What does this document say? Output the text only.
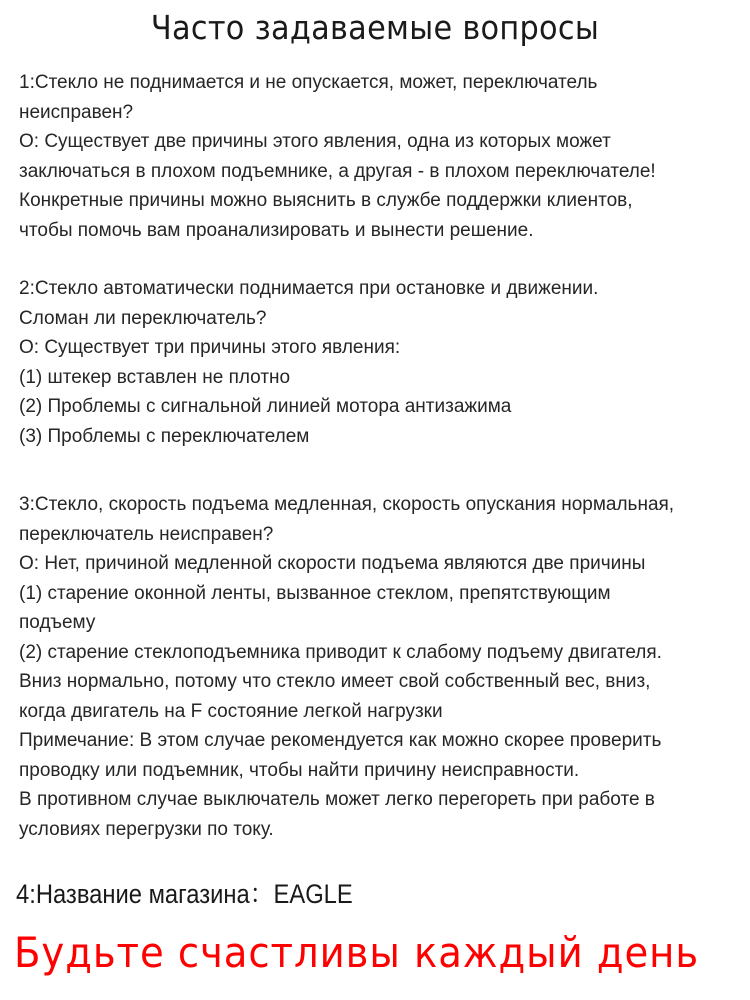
Часто задаваемые вопросы
1:Стекло не поднимается и не опускается, может, переключатель
неисправен?
О: Существует две причины этого явления, одна из которых может
заключаться в плохом подъемнике, а другая - в плохом переключателе!
Конкретные причины можно выяснить в службе поддержки клиентов,
чтобы помочь вам проанализировать и вынести решение.
2:Стекло автоматически поднимается при остановке и движении.
Сломан ли переключатель?
О: Существует три причины этого явления:
(1) штекер вставлен не плотно
(2) Проблемы с сигнальной линией мотора антизажима
(3) Проблемы с переключателем
3:Стекло, скорость подъема медленная, скорость опускания нормальная,
переключатель неисправен?
О: Нет, причиной медленной скорости подъема являются две причины
(1) старение оконной ленты, вызванное стеклом, препятствующим
подъему
(2) старение стеклоподъемника приводит к слабому подъему двигателя.
Вниз нормально, потому что стекло имеет свой собственный вес, вниз,
когда двигатель на F состояние легкой нагрузки
Примечание: В этом случае рекомендуется как можно скорее проверить
проводку или подъемник, чтобы найти причину неисправности.
В противном случае выключатель может легко перегореть при работе в
условиях перегрузки по току.
4:Название магазина：EAGLE
Будьте счастливы каждый день
